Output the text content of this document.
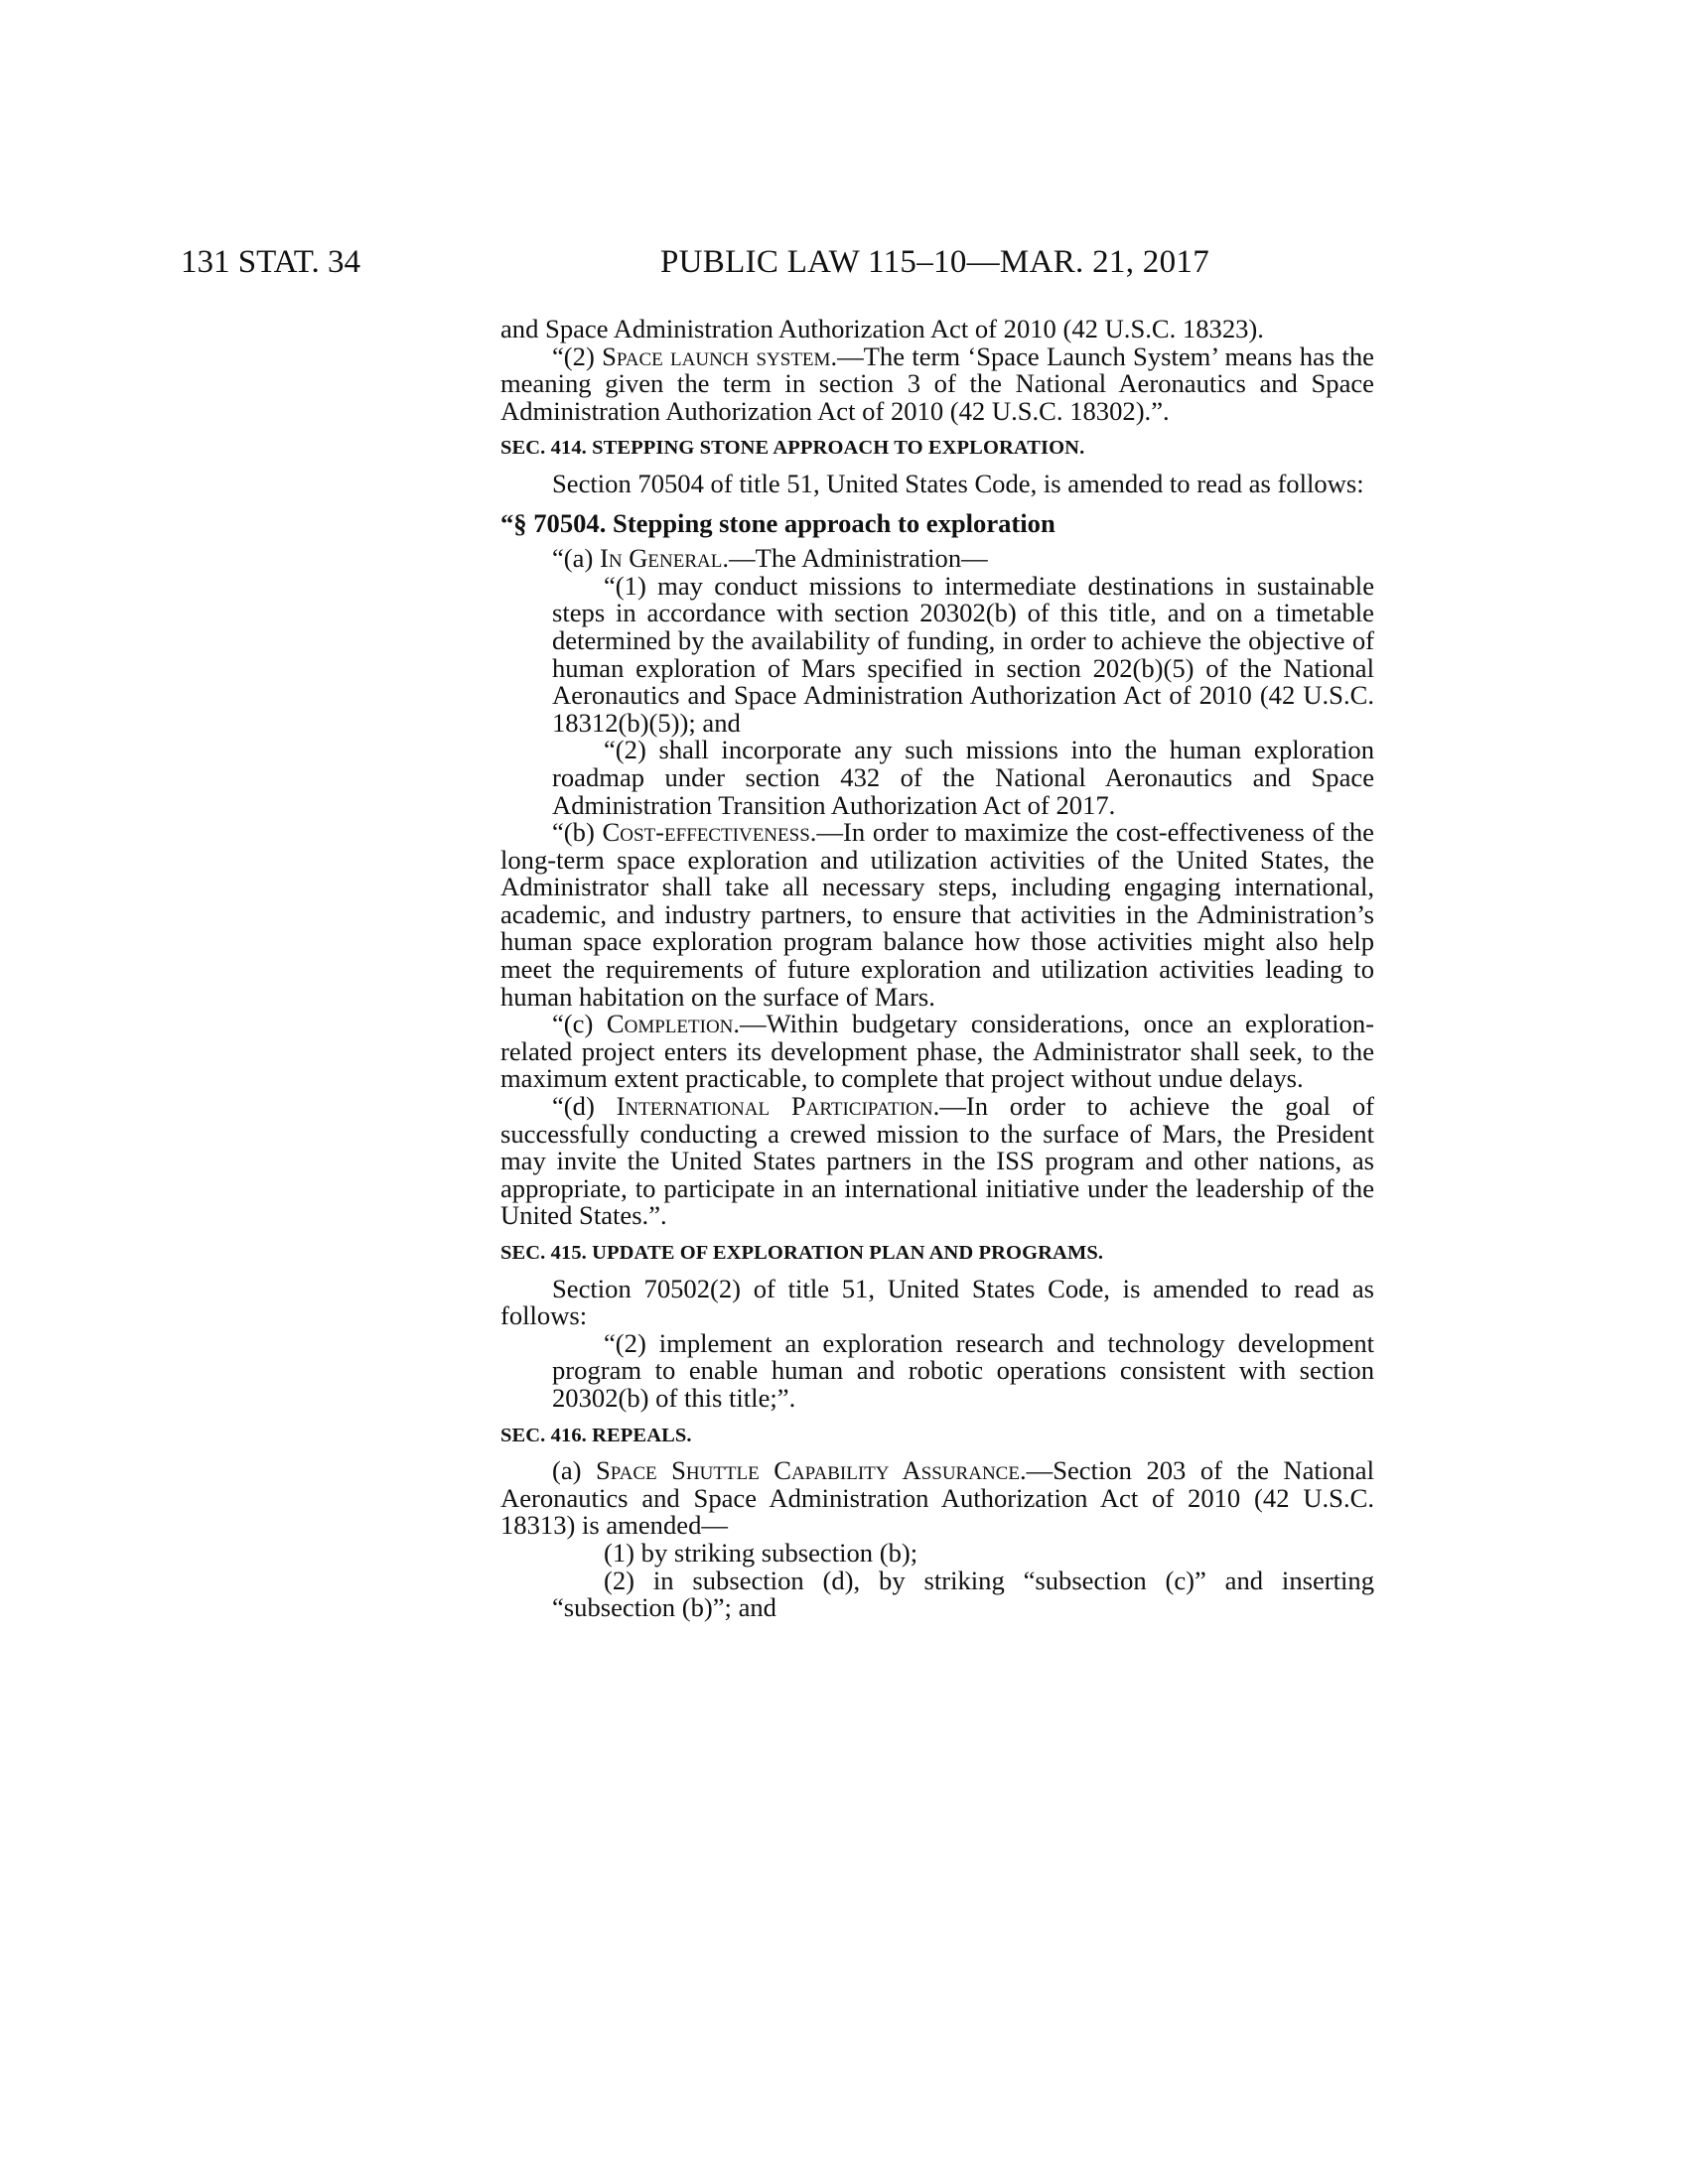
131 STAT. 34	PUBLIC LAW 115–10—MAR. 21, 2017

and Space Administration Authorization Act of 2010 (42 U.S.C. 18323).

“(2) Space launch system.—The term ‘Space Launch System’ means has the meaning given the term in section 3 of the National Aeronautics and Space Administration Authorization Act of 2010 (42 U.S.C. 18302).”.

SEC. 414. STEPPING STONE APPROACH TO EXPLORATION.

Section 70504 of title 51, United States Code, is amended to read as follows:

“§ 70504. Stepping stone approach to exploration

“(a) In General.—The Administration—

“(1) may conduct missions to intermediate destinations in sustainable steps in accordance with section 20302(b) of this title, and on a timetable determined by the availability of funding, in order to achieve the objective of human exploration of Mars specified in section 202(b)(5) of the National Aeronautics and Space Administration Authorization Act of 2010 (42 U.S.C. 18312(b)(5)); and

“(2) shall incorporate any such missions into the human exploration roadmap under section 432 of the National Aeronautics and Space Administration Transition Authorization Act of 2017.

“(b) Cost-effectiveness.—In order to maximize the cost-effectiveness of the long-term space exploration and utilization activities of the United States, the Administrator shall take all necessary steps, including engaging international, academic, and industry partners, to ensure that activities in the Administration’s human space exploration program balance how those activities might also help meet the requirements of future exploration and utilization activities leading to human habitation on the surface of Mars.

“(c) Completion.—Within budgetary considerations, once an exploration-related project enters its development phase, the Administrator shall seek, to the maximum extent practicable, to complete that project without undue delays.

“(d) International Participation.—In order to achieve the goal of successfully conducting a crewed mission to the surface of Mars, the President may invite the United States partners in the ISS program and other nations, as appropriate, to participate in an international initiative under the leadership of the United States.”.

SEC. 415. UPDATE OF EXPLORATION PLAN AND PROGRAMS.

Section 70502(2) of title 51, United States Code, is amended to read as follows:

“(2) implement an exploration research and technology development program to enable human and robotic operations consistent with section 20302(b) of this title;”.

SEC. 416. REPEALS.

(a) Space Shuttle Capability Assurance.—Section 203 of the National Aeronautics and Space Administration Authorization Act of 2010 (42 U.S.C. 18313) is amended—

(1) by striking subsection (b);

(2) in subsection (d), by striking “subsection (c)” and inserting “subsection (b)”; and
